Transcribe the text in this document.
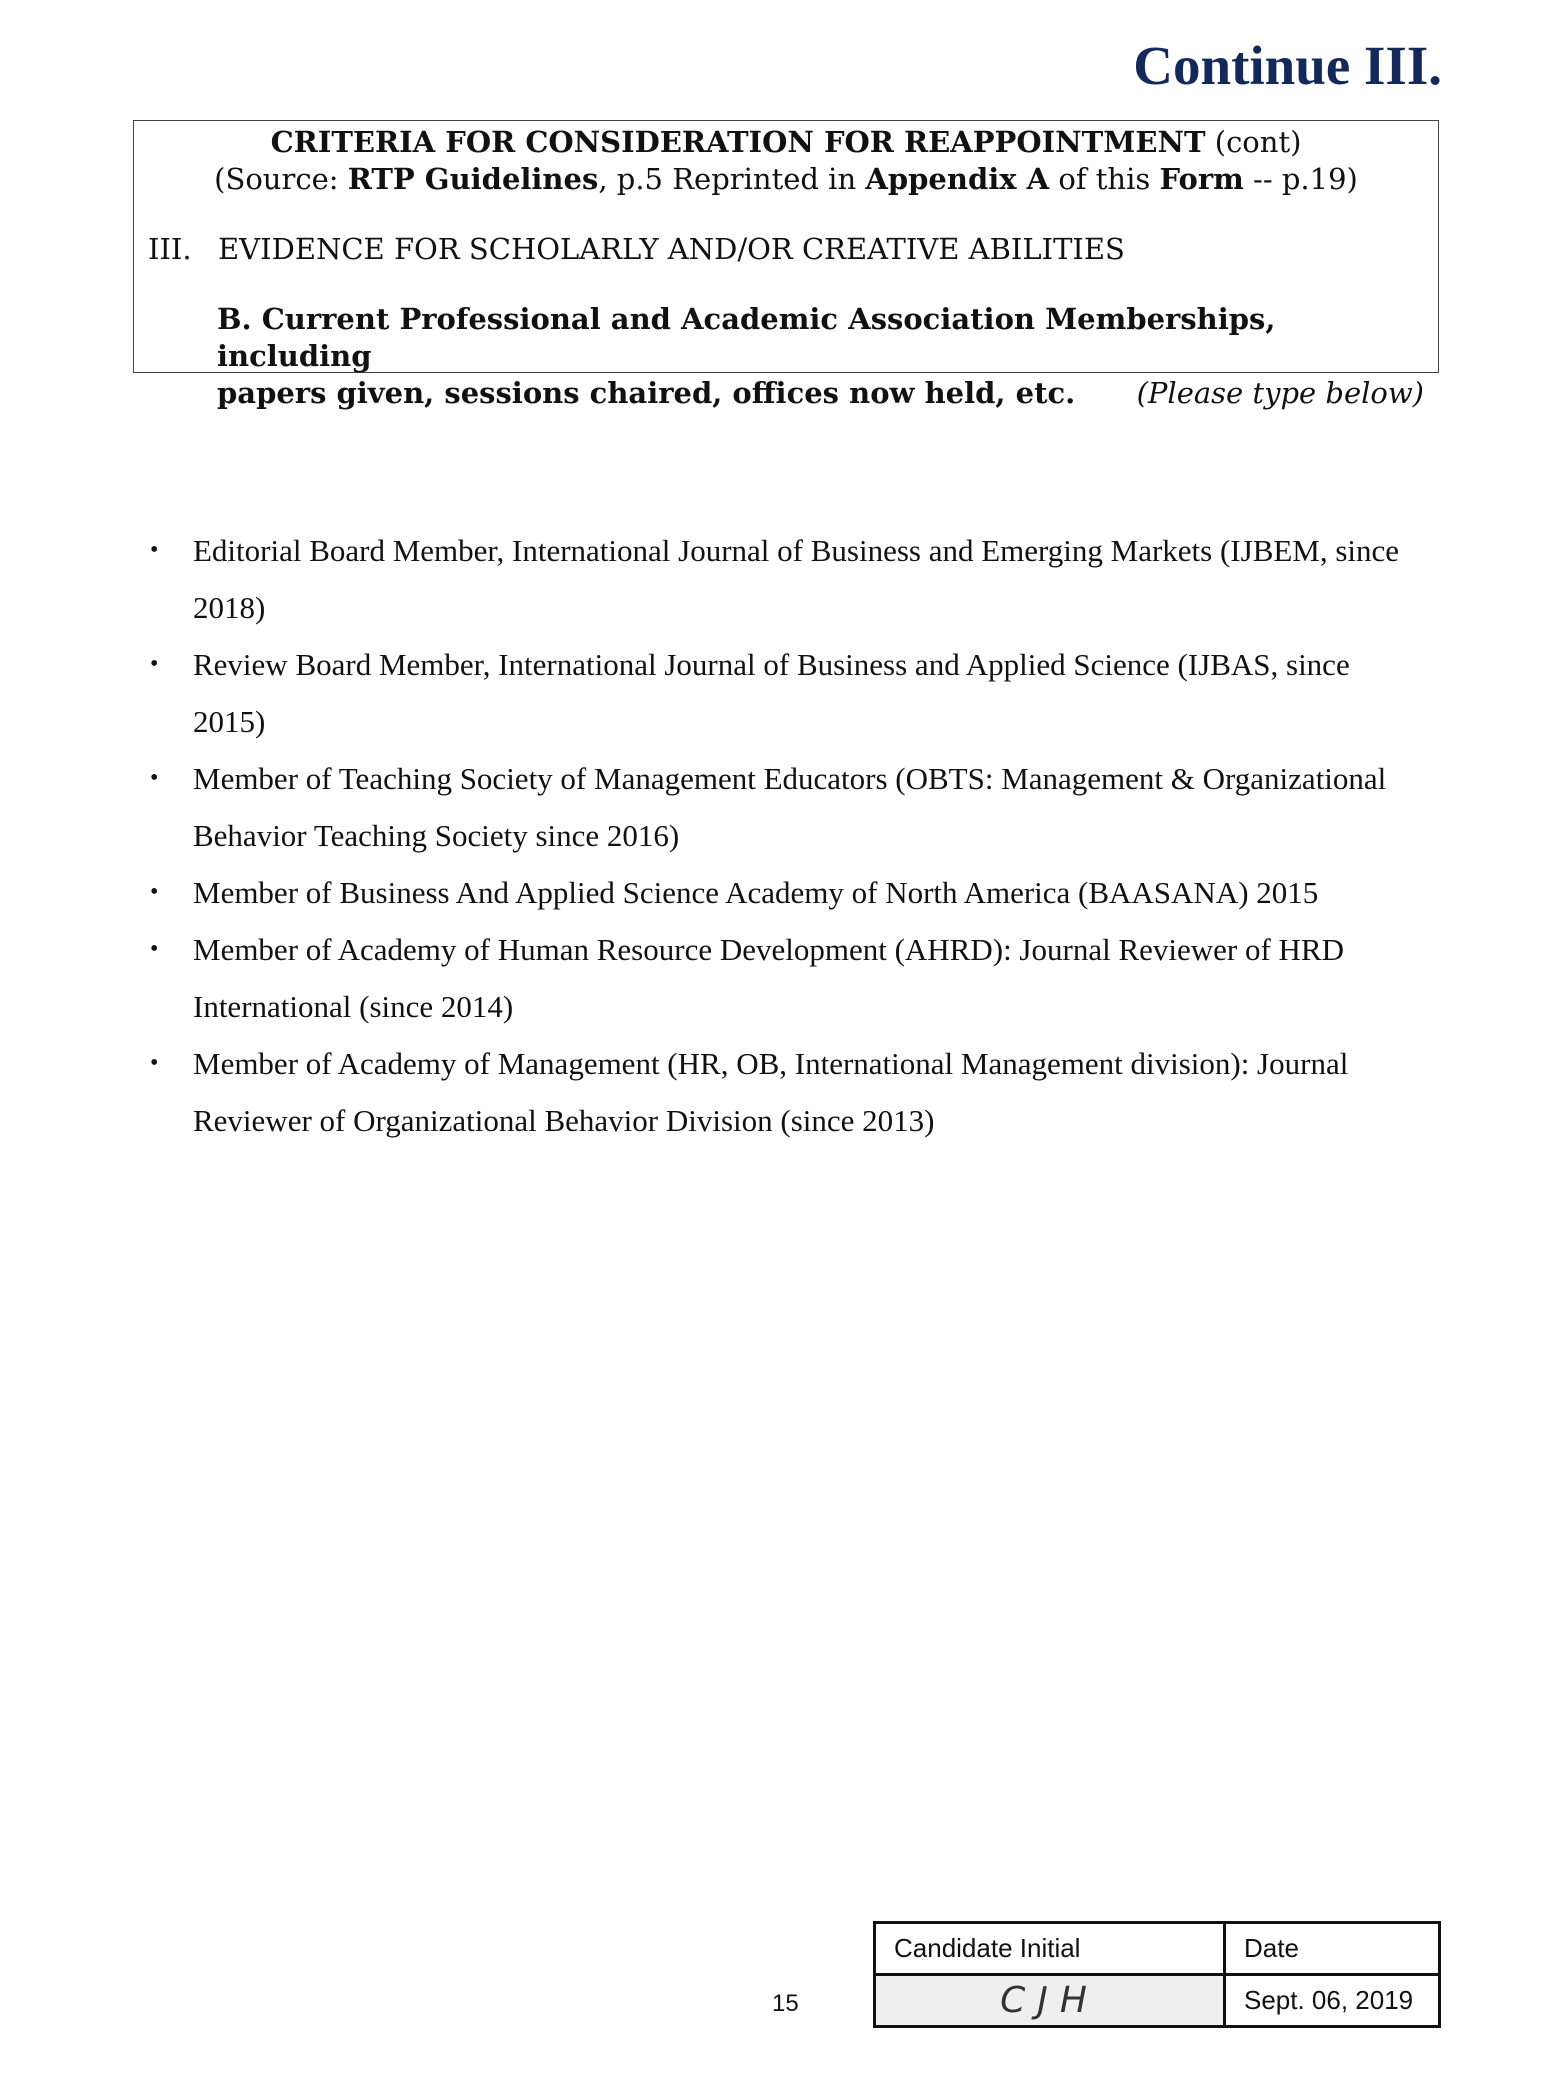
Continue III.
CRITERIA FOR CONSIDERATION FOR REAPPOINTMENT (cont)
(Source: RTP Guidelines, p.5 Reprinted in Appendix A of this Form -- p.19)
III. EVIDENCE FOR SCHOLARLY AND/OR CREATIVE ABILITIES
B. Current Professional and Academic Association Memberships, including
papers given, sessions chaired, offices now held, etc. (Please type below)
• Editorial Board Member, International Journal of Business and Emerging Markets (IJBEM, since 2018)
• Review Board Member, International Journal of Business and Applied Science (IJBAS, since 2015)
• Member of Teaching Society of Management Educators (OBTS: Management & Organizational Behavior Teaching Society since 2016)
• Member of Business And Applied Science Academy of North America (BAASANA) 2015
• Member of Academy of Human Resource Development (AHRD): Journal Reviewer of HRD International (since 2014)
• Member of Academy of Management (HR, OB, International Management division): Journal Reviewer of Organizational Behavior Division (since 2013)
15
Candidate Initial	Date

CJH	Sept. 06, 2019
